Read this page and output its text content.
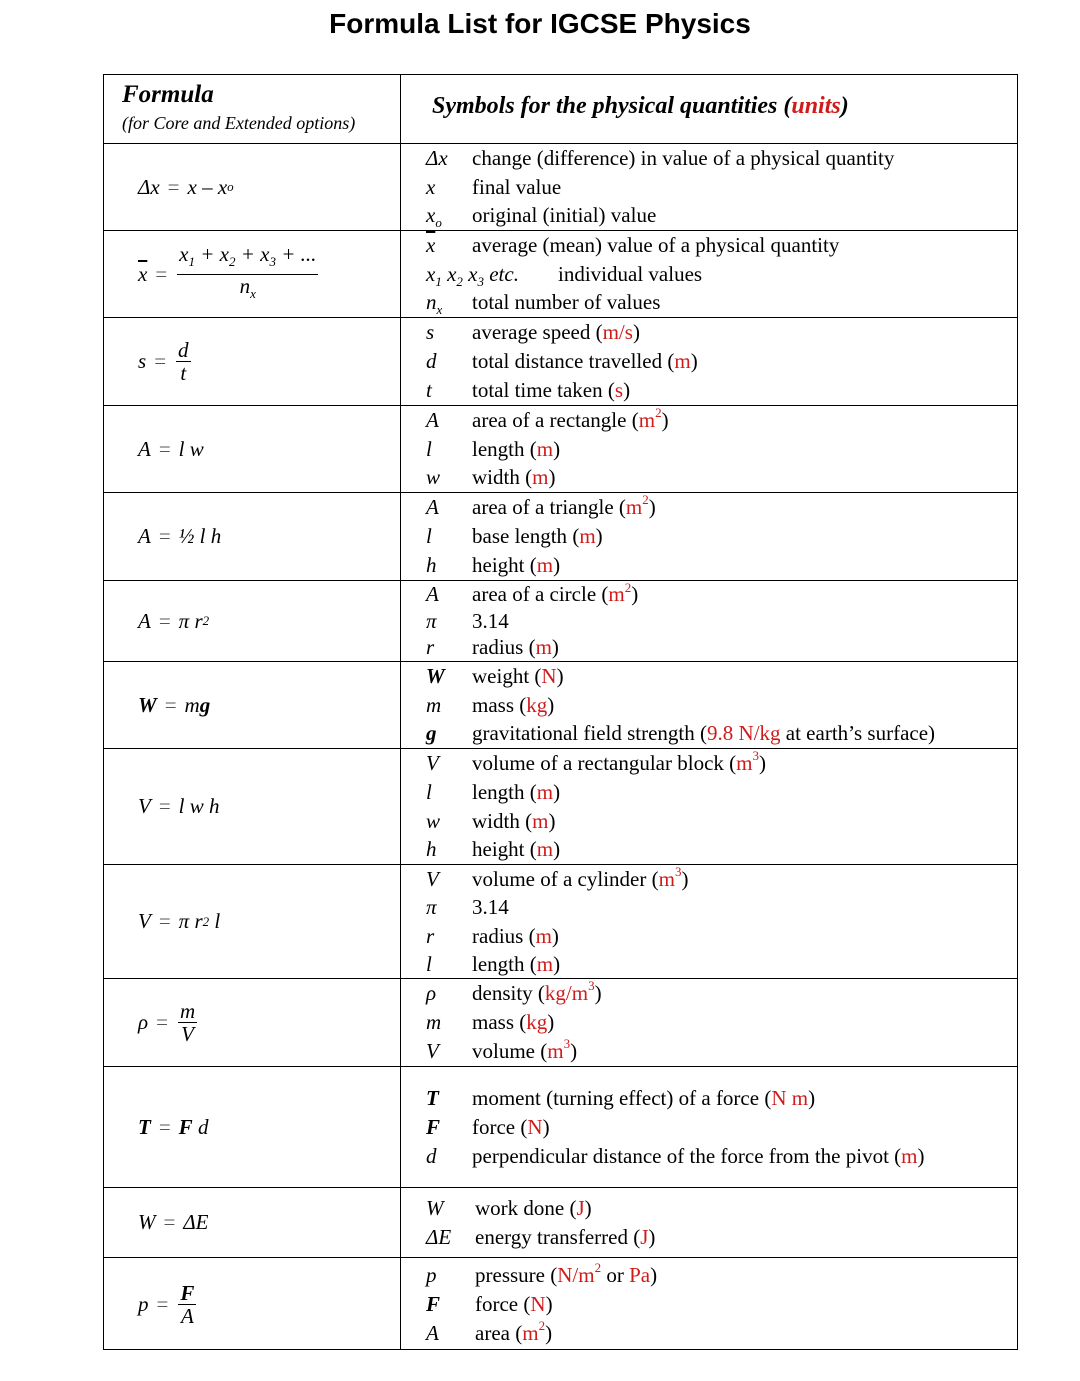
Formula List for IGCSE Physics
Formula
(for Core and Extended options)
Symbols for the physical quantities (units)
Δx = x – x o
Δx change (difference) in value of a physical quantity
x final value
$x_o$ original (initial) value
$\overline{x} = \frac{x_1 + x_2 + x_3 + ...}{n_x}$	x average (mean) value of a physical quantity
$x_1$ $x_2$ $x_3$ etc. individual values
$n_x$ total number of values
$s = \frac{d}{t}$
s average speed (m/s)
d total distance travelled (m)
t total time taken (s)
A = l w
A area of a rectangle $(m^2)$
l length (m)
w width (m)
A = ½ l h
A area of a triangle $(m^2)$
l base length (m)
h height (m)
A = π r 2
A area of a circle $(m^2)$
π 3.14
r radius (m)
W = m g
W weight (N)
m mass (kg)
g gravitational field strength (9.8 N/kg at earth’s surface)
V = l w h
V volume of a rectangular block $(m^3)$
l length (m)
w width (m)
h height (m)
V = π r 2 l
V volume of a cylinder $(m^3)$
π 3.14
r radius (m)
l length (m)
$\rho = \frac{m}{V}$
ρ density $(kg/m^3)$
m mass (kg)
V volume $(m^3)$
T = F d
T moment (turning effect) of a force (N m)
F force (N)
d perpendicular distance of the force from the pivot (m)
W = ΔE
W work done (J)
ΔE energy transferred (J)
$p = \frac{F}{A}$
p pressure ($N/m^2$ or Pa)
F force (N)
A area $(m^2)$
